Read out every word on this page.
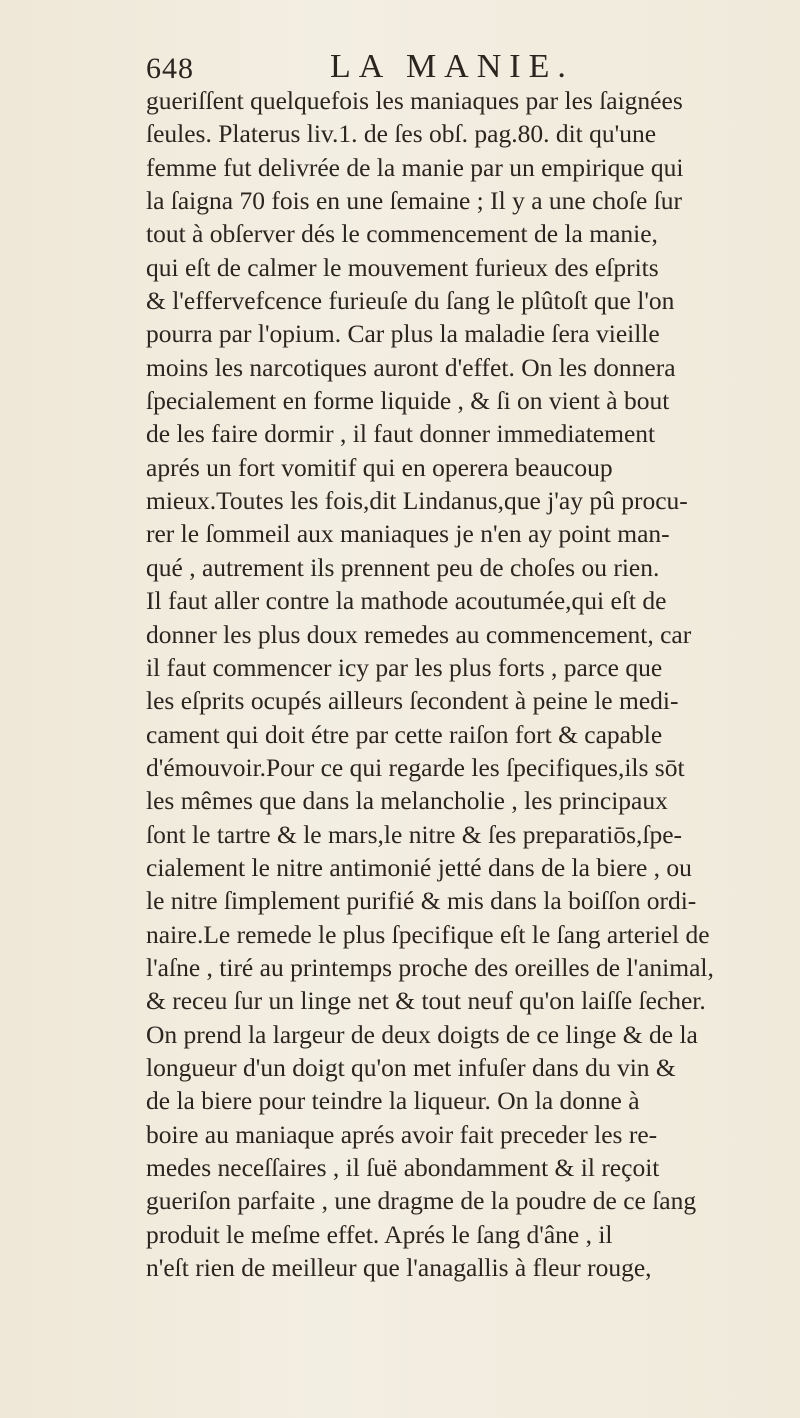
648	LA MANIE.
gueriſſent quelquefois les maniaques par les ſaignées
ſeules. Platerus liv.1. de ſes obſ. pag.80. dit qu'une
femme fut delivrée de la manie par un empirique qui
la ſaigna 70 fois en une ſemaine ; Il y a une choſe ſur
tout à obſerver dés le commencement de la manie,
qui eſt de calmer le mouvement furieux des eſprits
& l'effervefcence furieuſe du ſang le plûtoſt que l'on
pourra par l'opium. Car plus la maladie ſera vieille
moins les narcotiques auront d'effet. On les donnera
ſpecialement en forme liquide , & ſi on vient à bout
de les faire dormir , il faut donner immediatement
aprés un fort vomitif qui en operera beaucoup
mieux.Toutes les fois,dit Lindanus,que j'ay pû procu-
rer le ſommeil aux maniaques je n'en ay point man-
qué , autrement ils prennent peu de choſes ou rien.
Il faut aller contre la mathode acoutumée,qui eſt de
donner les plus doux remedes au commencement, car
il faut commencer icy par les plus forts , parce que
les eſprits ocupés ailleurs ſecondent à peine le medi-
cament qui doit étre par cette raiſon fort & capable
d'émouvoir.Pour ce qui regarde les ſpecifiques,ils sōt
les mêmes que dans la melancholie , les principaux
ſont le tartre & le mars,le nitre & ſes preparatiōs,ſpe-
cialement le nitre antimonié jetté dans de la biere , ou
le nitre ſimplement purifié & mis dans la boiſſon ordi-
naire.Le remede le plus ſpecifique eſt le ſang arteriel de
l'aſne , tiré au printemps proche des oreilles de l'animal,
& receu ſur un linge net & tout neuf qu'on laiſſe ſecher.
On prend la largeur de deux doigts de ce linge & de la
longueur d'un doigt qu'on met infuſer dans du vin &
de la biere pour teindre la liqueur. On la donne à
boire au maniaque aprés avoir fait preceder les re-
medes neceſſaires , il ſuë abondamment & il reçoit
gueriſon parfaite , une dragme de la poudre de ce ſang
produit le meſme effet. Aprés le ſang d'âne , il
n'eſt rien de meilleur que l'anagallis à fleur rouge,
